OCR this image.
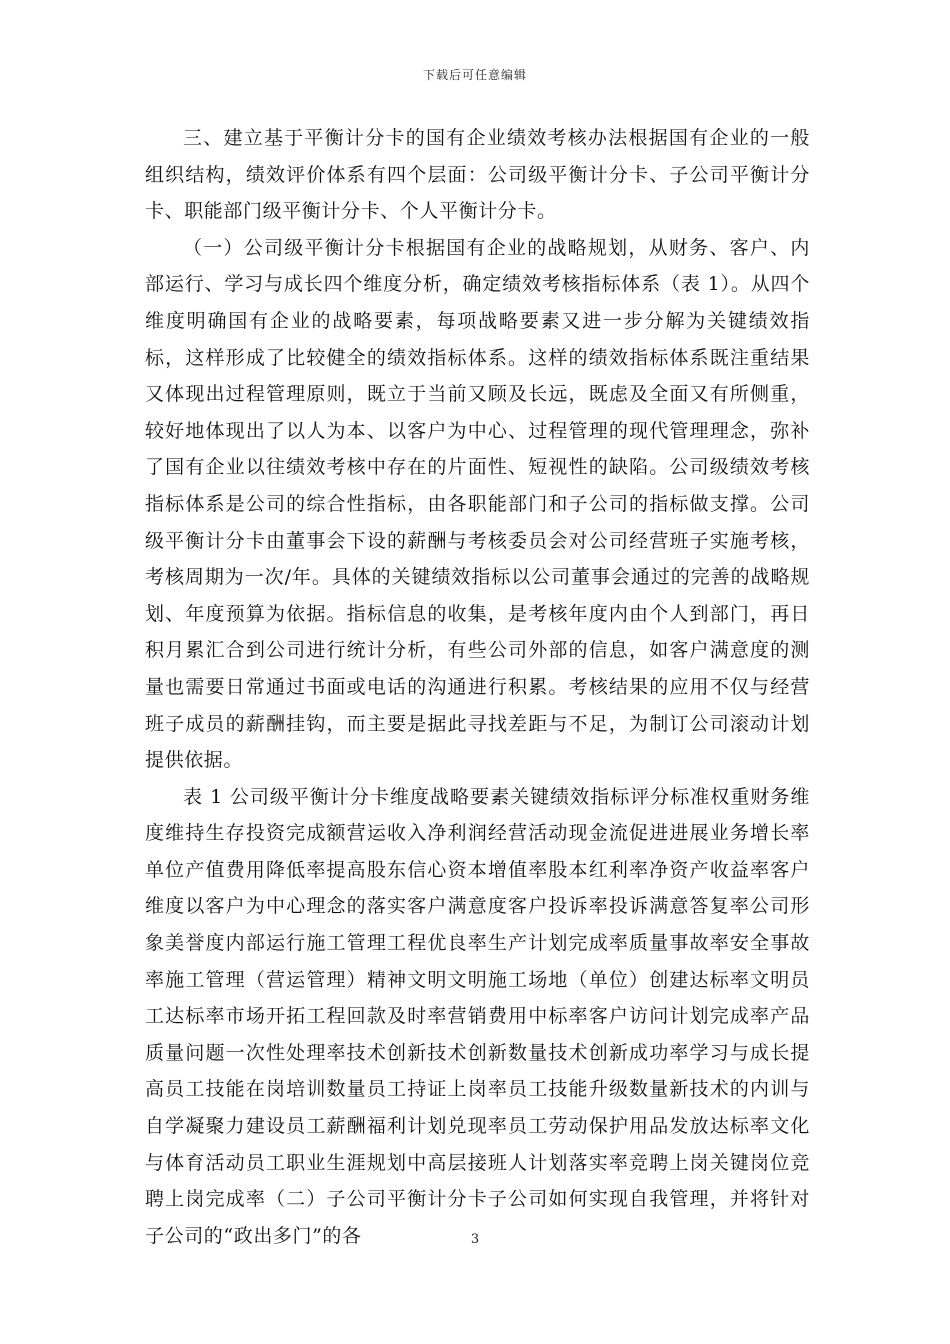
下载后可任意编辑

三、建立基于平衡计分卡的国有企业绩效考核办法根据国有企业的一般组织结构，绩效评价体系有四个层面：公司级平衡计分卡、子公司平衡计分卡、职能部门级平衡计分卡、个人平衡计分卡。

（一）公司级平衡计分卡根据国有企业的战略规划，从财务、客户、内部运行、学习与成长四个维度分析，确定绩效考核指标体系（表 1）。从四个维度明确国有企业的战略要素，每项战略要素又进一步分解为关键绩效指标，这样形成了比较健全的绩效指标体系。这样的绩效指标体系既注重结果又体现出过程管理原则，既立于当前又顾及长远，既虑及全面又有所侧重，较好地体现出了以人为本、以客户为中心、过程管理的现代管理理念，弥补了国有企业以往绩效考核中存在的片面性、短视性的缺陷。公司级绩效考核指标体系是公司的综合性指标，由各职能部门和子公司的指标做支撑。公司级平衡计分卡由董事会下设的薪酬与考核委员会对公司经营班子实施考核，考核周期为一次/年。具体的关键绩效指标以公司董事会通过的完善的战略规划、年度预算为依据。指标信息的收集，是考核年度内由个人到部门，再日积月累汇合到公司进行统计分析，有些公司外部的信息，如客户满意度的测量也需要日常通过书面或电话的沟通进行积累。考核结果的应用不仅与经营班子成员的薪酬挂钩，而主要是据此寻找差距与不足，为制订公司滚动计划提供依据。

表 1 公司级平衡计分卡维度战略要素关键绩效指标评分标准权重财务维度维持生存投资完成额营运收入净利润经营活动现金流促进进展业务增长率单位产值费用降低率提高股东信心资本增值率股本红利率净资产收益率客户维度以客户为中心理念的落实客户满意度客户投诉率投诉满意答复率公司形象美誉度内部运行施工管理工程优良率生产计划完成率质量事故率安全事故率施工管理（营运管理）精神文明文明施工场地（单位）创建达标率文明员工达标率市场开拓工程回款及时率营销费用中标率客户访问计划完成率产品质量问题一次性处理率技术创新技术创新数量技术创新成功率学习与成长提高员工技能在岗培训数量员工持证上岗率员工技能升级数量新技术的内训与自学凝聚力建设员工薪酬福利计划兑现率员工劳动保护用品发放达标率文化与体育活动员工职业生涯规划中高层接班人计划落实率竞聘上岗关键岗位竞聘上岗完成率（二）子公司平衡计分卡子公司如何实现自我管理，并将针对子公司的“政出多门”的各	3
